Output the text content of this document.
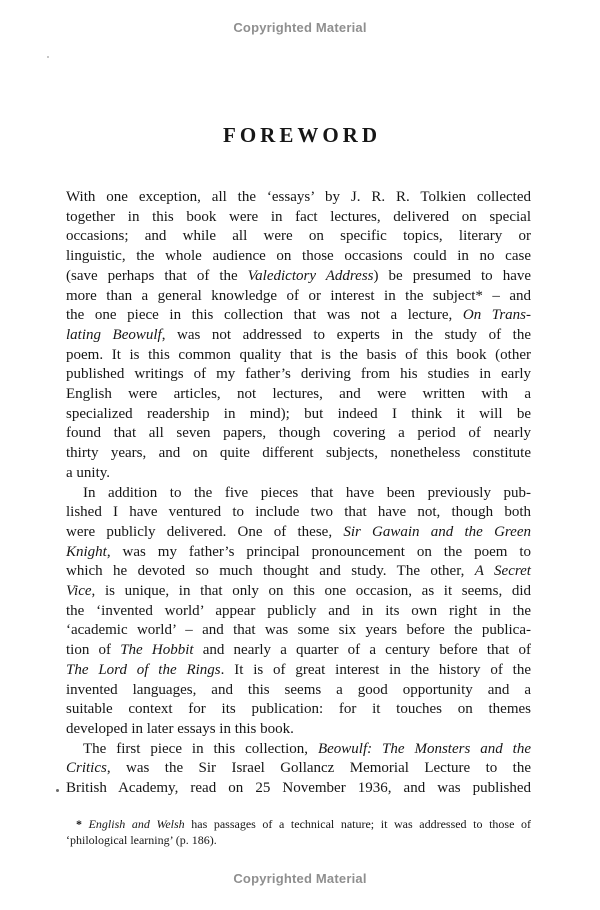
Copyrighted Material
FOREWORD
With one exception, all the ‘essays’ by J. R. R. Tolkien collected
together in this book were in fact lectures, delivered on special
occasions; and while all were on specific topics, literary or
linguistic, the whole audience on those occasions could in no case
(save perhaps that of the Valedictory Address) be presumed to have
more than a general knowledge of or interest in the subject* – and
the one piece in this collection that was not a lecture, On Trans-
lating Beowulf, was not addressed to experts in the study of the
poem. It is this common quality that is the basis of this book (other
published writings of my father’s deriving from his studies in early
English were articles, not lectures, and were written with a
specialized readership in mind); but indeed I think it will be
found that all seven papers, though covering a period of nearly
thirty years, and on quite different subjects, nonetheless constitute
a unity.
In addition to the five pieces that have been previously pub-
lished I have ventured to include two that have not, though both
were publicly delivered. One of these, Sir Gawain and the Green
Knight, was my father’s principal pronouncement on the poem to
which he devoted so much thought and study. The other, A Secret
Vice, is unique, in that only on this one occasion, as it seems, did
the ‘invented world’ appear publicly and in its own right in the
‘academic world’ – and that was some six years before the publica-
tion of The Hobbit and nearly a quarter of a century before that of
The Lord of the Rings. It is of great interest in the history of the
invented languages, and this seems a good opportunity and a
suitable context for its publication: for it touches on themes
developed in later essays in this book.
The first piece in this collection, Beowulf: The Monsters and the
Critics, was the Sir Israel Gollancz Memorial Lecture to the
British Academy, read on 25 November 1936, and was published
* English and Welsh has passages of a technical nature; it was addressed to those of
‘philological learning’ (p. 186).
Copyrighted Material
